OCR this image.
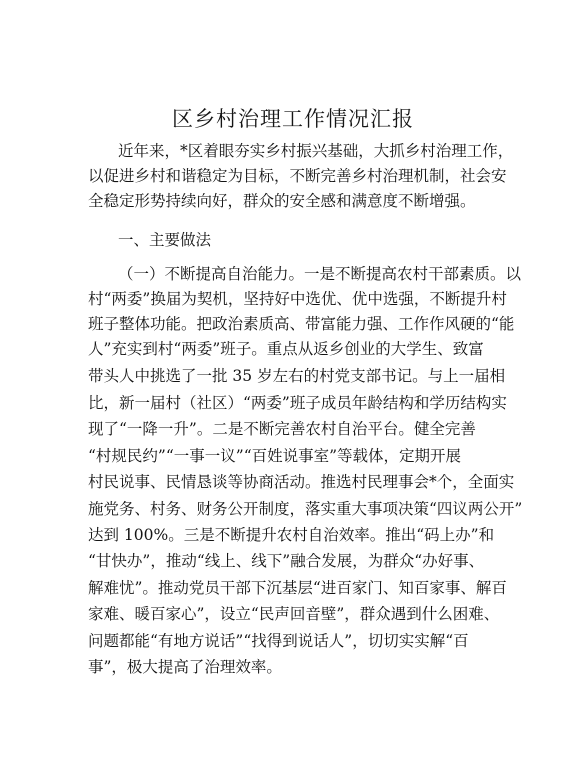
区乡村治理工作情况汇报
近年来，*区着眼夯实乡村振兴基础，大抓乡村治理工作，
以促进乡村和谐稳定为目标，不断完善乡村治理机制，社会安
全稳定形势持续向好，群众的安全感和满意度不断增强。
一、主要做法
（一）不断提高自治能力。一是不断提高农村干部素质。以
村“两委”换届为契机，坚持好中选优、优中选强，不断提升村
班子整体功能。把政治素质高、带富能力强、工作作风硬的“能
人”充实到村“两委”班子。重点从返乡创业的大学生、致富
带头人中挑选了一批 35 岁左右的村党支部书记。与上一届相
比，新一届村（社区）“两委”班子成员年龄结构和学历结构实
现了“一降一升”。二是不断完善农村自治平台。健全完善
“村规民约”“一事一议”“百姓说事室”等载体，定期开展
村民说事、民情恳谈等协商活动。推选村民理事会*个，全面实
施党务、村务、财务公开制度，落实重大事项决策“四议两公开”
达到 100%。三是不断提升农村自治效率。推出“码上办”和
“甘快办”，推动“线上、线下”融合发展，为群众“办好事、
解难忧”。推动党员干部下沉基层“进百家门、知百家事、解百
家难、暖百家心”，设立“民声回音壁”，群众遇到什么困难、
问题都能“有地方说话”“找得到说话人”，切切实实解“百
事”，极大提高了治理效率。
